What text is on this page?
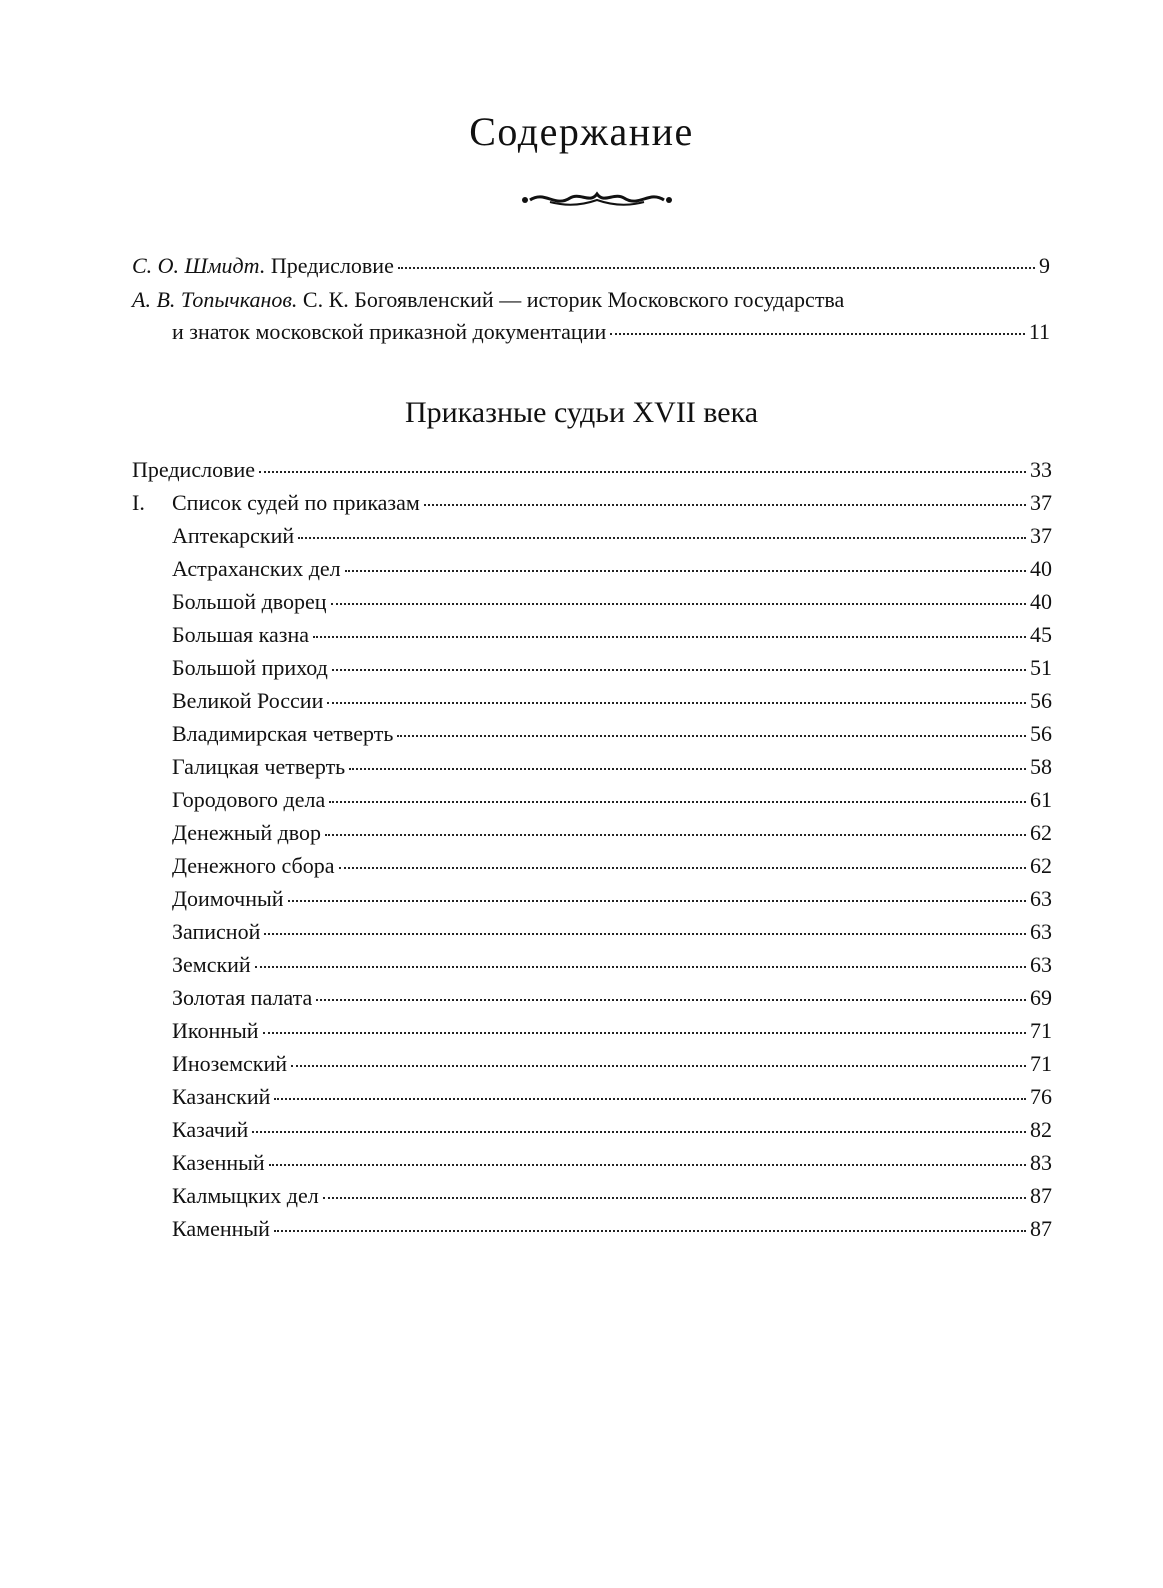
Содержание
С. О. Шмидт. Предисловие	9
А. В. Топычканов. С. К. Богоявленский — историк Московского государства
и знаток московской приказной документации	11
Приказные судьи XVII века
Предисловие	33
I. Список судей по приказам	37
Аптекарский	37
Астраханских дел	40
Большой дворец	40
Большая казна	45
Большой приход	51
Великой России	56
Владимирская четверть	56
Галицкая четверть	58
Городового дела	61
Денежный двор	62
Денежного сбора	62
Доимочный	63
Записной	63
Земский	63
Золотая палата	69
Иконный	71
Иноземский	71
Казанский	76
Казачий	82
Казенный	83
Калмыцких дел	87
Каменный	87
